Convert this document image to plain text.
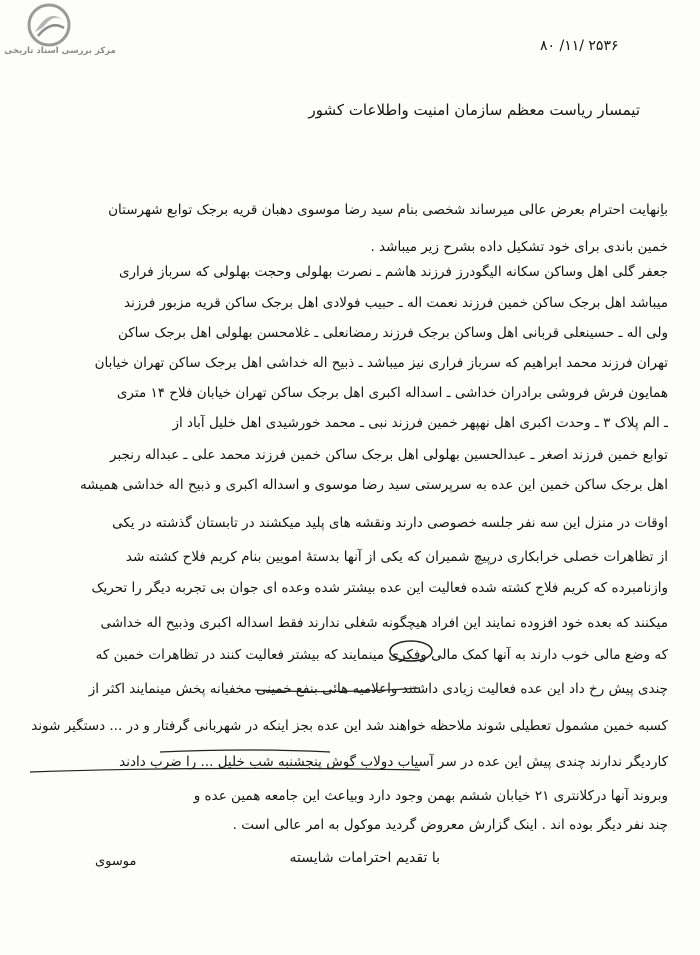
مرکز بررسی اسناد تاریخی	۸۰ /۱۱/ ۲۵۳۶
تیمسار ریاست معظم سازمان امنیت واطلاعات کشور
باِنهایت احترام بعرض عالی میرساند شخصی بنام سید رضا موسوی دهبان قریه برجک توابع شهرستان
خمین باندی برای خود تشکیل داده بشرح زیر میباشد .
جعفر گلی اهل وساکن سکانه الیگودرز فرزند هاشم ـ نصرت بهلولی وحجت بهلولی که سرباز فراری
میباشد اهل برجک ساکن خمین فرزند نعمت اله ـ حبیب فولادی اهل برجک ساکن قریه مزبور فرزند
ولی اله ـ حسینعلی قربانی اهل وساکن برجک فرزند رمضانعلی ـ غلامحسن بهلولی اهل برجک ساکن
تهران فرزند محمد ابراهیم که سرباز فراری نیز میباشد ـ ذبیح اله خداشی اهل برجک ساکن تهران خیابان
همایون فرش فروشی برادران خداشی ـ اسداله اکبری اهل برجک ساکن تهران خیابان فلاح ۱۴ متری
ـ الم پلاک ۳ ـ وحدت اکبری اهل نهپهر خمین فرزند نبی ـ محمد خورشیدی اهل خلیل آباد از
توابع خمین فرزند اصغر ـ عبدالحسین بهلولی اهل برجک ساکن خمین فرزند محمد علی ـ عبداله رنجبر
اهل برجک ساکن خمین این عده به سرپرستی سید رضا موسوی و اسداله اکبری و ذبیح اله خداشی همیشه
اوقات در منزل این سه نفر جلسه خصوصی دارند ونقشه های پلید میکشند در تابستان گذشته در یکی
از تظاهرات خصلی خرابکاری درپیچ شمیران که یکی از آنها بدستهٔ امویین بنام کریم فلاح کشته شد
وازنامبرده که کریم فلاح کشته شده فعالیت این عده بیشتر شده وعده ای جوان بی تجربه دیگر را تحریک
میکنند که بعده خود افزوده نمایند این افراد هیچگونه شغلی ندارند فقط اسداله اکبری وذبیح اله خداشی
که وضع مالی خوب دارند به آنها کمک مالی وفکری مینمایند که بیشتر فعالیت کنند در تظاهرات خمین که
چندی پیش رخ داد این عده فعالیت زیادی داشتند واعلامیه هائی بنفع خمینی مخفیانه پخش مینمایند اکثر از
کسبه خمین مشمول تعطیلی شوند ملاحظه خواهند شد این عده بجز اینکه در شهربانی گرفتار و در ... دستگیر شوند
کاردیگر ندارند چندی پیش این عده در سر آسیاب دولاب گوش پنجشنبه شب خلیل ... را ضرب دادند
وبروند آنها درکلانتری ۲۱ خیابان ششم بهمن وجود دارد وبیاعث این جامعه همین عده و
چند نفر دیگر بوده اند . اینک گزارش معروض گردید موکول به امر عالی است .
با تقدیم احترامات شایسته
موسوی
